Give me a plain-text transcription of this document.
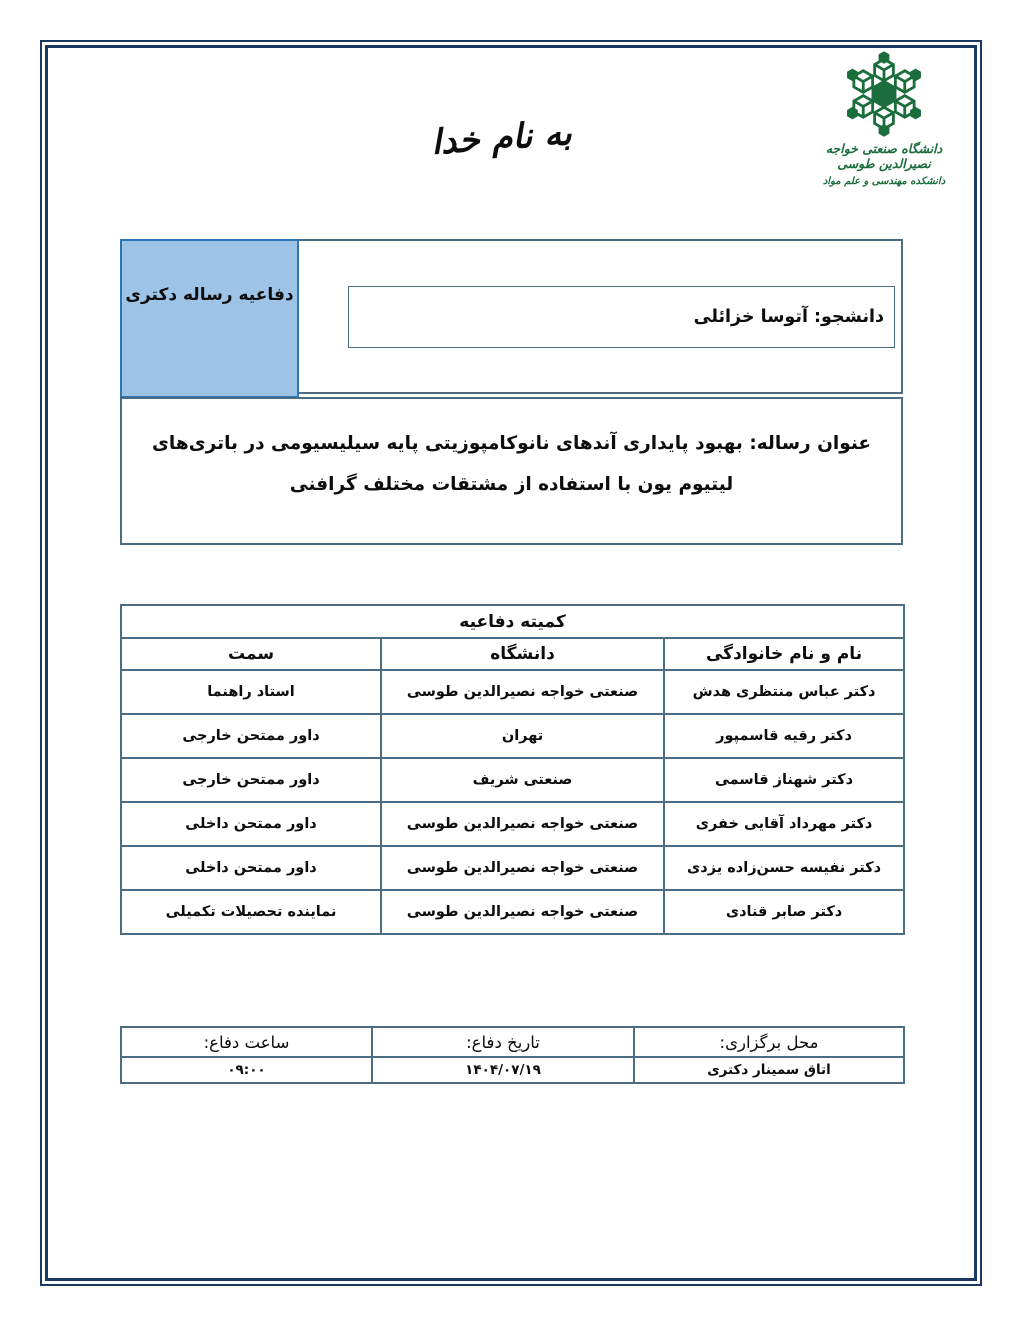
به نام خدا	دانشگاه صنعتی خواجه نصیرالدین طوسی
دانشکده مهندسی و علم مواد
دفاعیه رساله دکتری
دانشجو: آتوسا خزائلی
عنوان رساله: بهبود پایداری آندهای نانوکامپوزیتی پایه سیلیسیومی در باتری‌های لیتیوم یون با استفاده از مشتقات مختلف گرافنی
کمیته دفاعیه		
نام و نام خانوادگی	دانشگاه	سمت
دکتر عباس منتظری هدش	صنعتی خواجه نصیرالدین طوسی	استاد راهنما
دکتر رقیه قاسمپور	تهران	داور ممتحن خارجی
دکتر شهناز قاسمی	صنعتی شریف	داور ممتحن خارجی
دکتر مهرداد آقایی خفری	صنعتی خواجه نصیرالدین طوسی	داور ممتحن داخلی
دکتر نفیسه حسن‌زاده یزدی	صنعتی خواجه نصیرالدین طوسی	داور ممتحن داخلی
دکتر صابر قنادی	صنعتی خواجه نصیرالدین طوسی	نماینده تحصیلات تکمیلی
محل برگزاری:	تاریخ دفاع:	ساعت دفاع:
اتاق سمینار دکتری	۱۴۰۴/۰۷/۱۹	۰۹:۰۰
